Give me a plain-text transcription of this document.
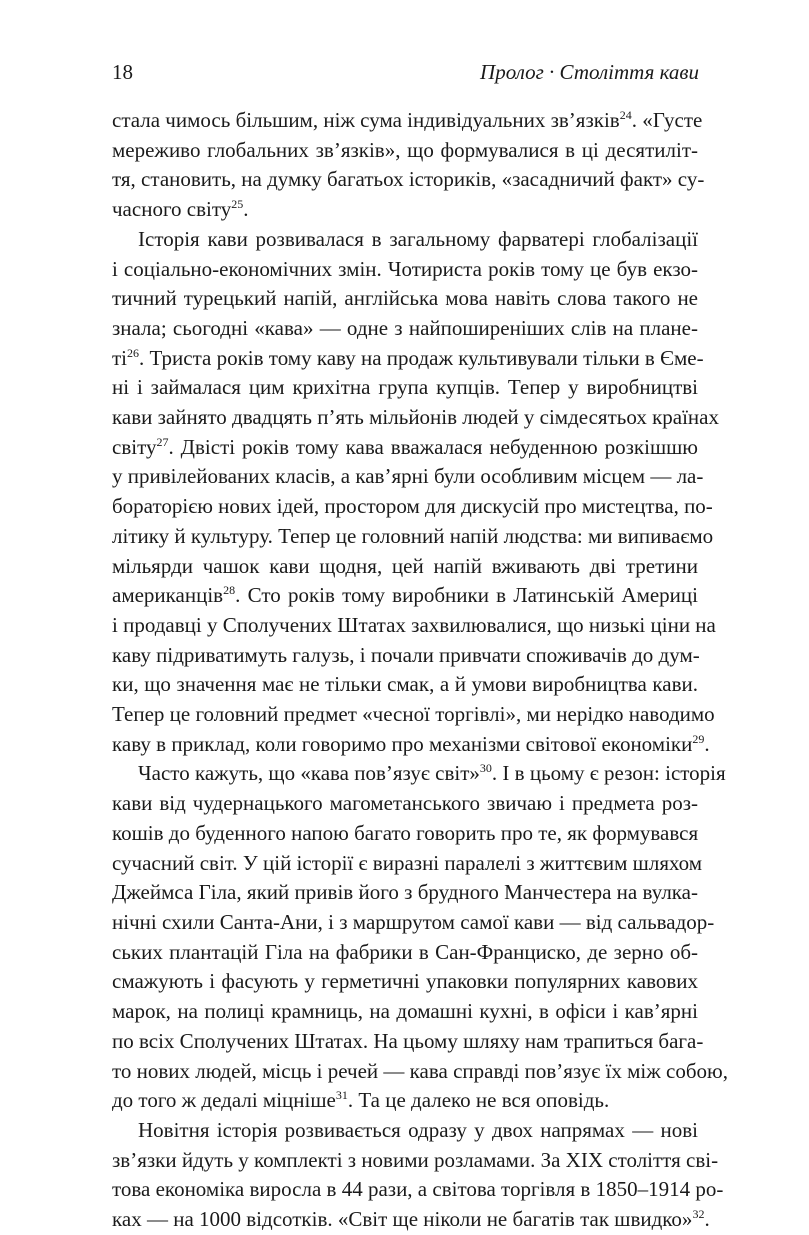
18	Пролог · Століття кави
стала чимось більшим, ніж сума індивідуальних зв’язків$^{24}$. «Густе
мереживо глобальних зв’язків», що формувалися в ці десятиліт-
тя, становить, на думку багатьох істориків, «засадничий факт» су-
часного світу$^{25}$.
Історія кави розвивалася в загальному фарватері глобалізації
і соціально-економічних змін. Чотириста років тому це був екзо-
тичний турецький напій, англійська мова навіть слова такого не
знала; сьогодні «кава» — одне з найпоширеніших слів на плане-
$ті^{26}$. Триста років тому каву на продаж культивували тільки в Єме-
ні і займалася цим крихітна група купців. Тепер у виробництві
кави зайнято двадцять п’ять мільйонів людей у сімдесятьох країнах
світу$^{27}$. Двісті років тому кава вважалася небуденною розкішшю
у привілейованих класів, а кав’ярні були особливим місцем — ла-
бораторією нових ідей, простором для дискусій про мистецтва, по-
літику й культуру. Тепер це головний напій людства: ми випиваємо
мільярди чашок кави щодня, цей напій вживають дві третини
американців$^{28}$. Сто років тому виробники в Латинській Америці
і продавці у Сполучених Штатах захвилювалися, що низькі ціни на
каву підриватимуть галузь, і почали привчати споживачів до дум-
ки, що значення має не тільки смак, а й умови виробництва кави.
Тепер це головний предмет «чесної торгівлі», ми нерідко наводимо
каву в приклад, коли говоримо про механізми світової економіки$^{29}$.
Часто кажуть, що «кава пов’язує світ»$^{30}$. І в цьому є резон: історія
кави від чудернацького магометанського звичаю і предмета роз-
кошів до буденного напою багато говорить про те, як формувався
сучасний світ. У цій історії є виразні паралелі з життєвим шляхом
Джеймса Гіла, який привів його з брудного Манчестера на вулка-
нічні схили Санта-Ани, і з маршрутом самої кави — від сальвадор-
ських плантацій Гіла на фабрики в Сан-Франциско, де зерно об-
смажують і фасують у герметичні упаковки популярних кавових
марок, на полиці крамниць, на домашні кухні, в офіси і кав’ярні
по всіх Сполучених Штатах. На цьому шляху нам трапиться бага-
то нових людей, місць і речей — кава справді пов’язує їх між собою,
до того ж дедалі міцніше$^{31}$. Та це далеко не вся оповідь.
Новітня історія розвивається одразу у двох напрямах — нові
зв’язки йдуть у комплекті з новими розламами. За XIX століття сві-
това економіка виросла в 44 рази, а світова торгівля в 1850–1914 ро-
ках — на 1000 відсотків. «Світ ще ніколи не багатів так швидко»$^{32}$.
